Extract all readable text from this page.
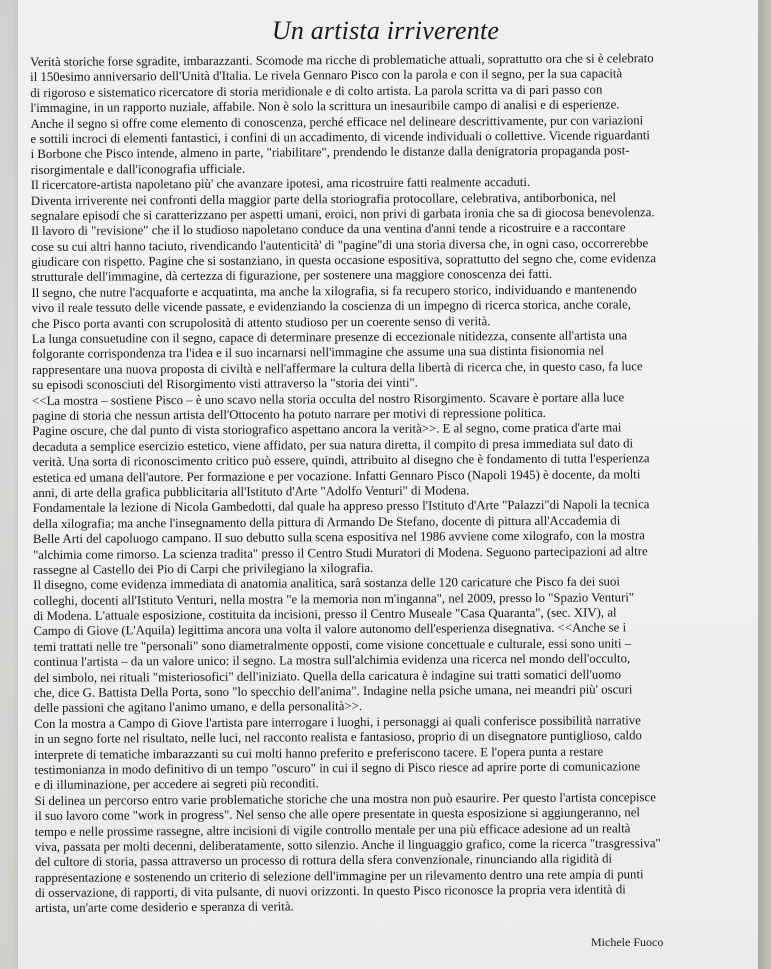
Un artista irriverente
Verità storiche forse sgradite, imbarazzanti. Scomode ma ricche di problematiche attuali, soprattutto ora che si è celebrato
il 150esimo anniversario dell'Unità d'Italia. Le rivela Gennaro Pisco con la parola e con il segno, per la sua capacità
di rigoroso e sistematico ricercatore di storia meridionale e di colto artista. La parola scritta va di pari passo con
l'immagine, in un rapporto nuziale, affabile. Non è solo la scrittura un inesauribile campo di analisi e di esperienze.
Anche il segno si offre come elemento di conoscenza, perché efficace nel delineare descrittivamente, pur con variazioni
e sottili incroci di elementi fantastici, i confini di un accadimento, di vicende individuali o collettive. Vicende riguardanti
i Borbone che Pisco intende, almeno in parte, "riabilitare", prendendo le distanze dalla denigratoria propaganda post-
risorgimentale e dall'iconografia ufficiale.
Il ricercatore-artista napoletano più' che avanzare ipotesi, ama ricostruire fatti realmente accaduti.
Diventa irriverente nei confronti della maggior parte della storiografia protocollare, celebrativa, antiborbonica, nel
segnalare episodi che si caratterizzano per aspetti umani, eroici, non privi di garbata ironia che sa di giocosa benevolenza.
Il lavoro di "revisione" che il lo studioso napoletano conduce da una ventina d'anni tende a ricostruire e a raccontare
cose su cui altri hanno taciuto, rivendicando l'autenticità' di "pagine"di una storia diversa che, in ogni caso, occorrerebbe
giudicare con rispetto. Pagine che si sostanziano, in questa occasione espositiva, soprattutto del segno che, come evidenza
strutturale dell'immagine, dà certezza di figurazione, per sostenere una maggiore conoscenza dei fatti.
Il segno, che nutre l'acquaforte e acquatinta, ma anche la xilografia, si fa recupero storico, individuando e mantenendo
vivo il reale tessuto delle vicende passate, e evidenziando la coscienza di un impegno di ricerca storica, anche corale,
che Pisco porta avanti con scrupolosità di attento studioso per un coerente senso di verità.
La lunga consuetudine con il segno, capace di determinare presenze di eccezionale nitidezza, consente all'artista una
folgorante corrispondenza tra l'idea e il suo incarnarsi nell'immagine che assume una sua distinta fisionomia nel
rappresentare una nuova proposta di civiltà e nell'affermare la cultura della libertà di ricerca che, in questo caso, fa luce
su episodi sconosciuti del Risorgimento visti attraverso la "storia dei vinti".
<<La mostra – sostiene Pisco – è uno scavo nella storia occulta del nostro Risorgimento. Scavare è portare alla luce
pagine di storia che nessun artista dell'Ottocento ha potuto narrare per motivi di repressione politica.
Pagine oscure, che dal punto di vista storiografico aspettano ancora la verità>>. E al segno, come pratica d'arte mai
decaduta a semplice esercizio estetico, viene affidato, per sua natura diretta, il compito di presa immediata sul dato di
verità. Una sorta di riconoscimento critico può essere, quindi, attribuito al disegno che è fondamento di tutta l'esperienza
estetica ed umana dell'autore. Per formazione e per vocazione. Infatti Gennaro Pisco (Napoli 1945) è docente, da molti
anni, di arte della grafica pubblicitaria all'Istituto d'Arte "Adolfo Venturi" di Modena.
Fondamentale la lezione di Nicola Gambedotti, dal quale ha appreso presso l'Istituto d'Arte "Palazzi"di Napoli la tecnica
della xilografia; ma anche l'insegnamento della pittura di Armando De Stefano, docente di pittura all'Accademia di
Belle Arti del capoluogo campano. Il suo debutto sulla scena espositiva nel 1986 avviene come xilografo, con la mostra
"alchimia come rimorso. La scienza tradita" presso il Centro Studi Muratori di Modena. Seguono partecipazioni ad altre
rassegne al Castello dei Pio di Carpi che privilegiano la xilografia.
Il disegno, come evidenza immediata di anatomia analitica, sarà sostanza delle 120 caricature che Pisco fa dei suoi
colleghi, docenti all'Istituto Venturi, nella mostra "e la memoria non m'inganna", nel 2009, presso lo "Spazio Venturi"
di Modena. L'attuale esposizione, costituita da incisioni, presso il Centro Museale "Casa Quaranta", (sec. XIV), al
Campo di Giove (L'Aquila) legittima ancora una volta il valore autonomo dell'esperienza disegnativa. <<Anche se i
temi trattati nelle tre "personali" sono diametralmente opposti, come visione concettuale e culturale, essi sono uniti –
continua l'artista – da un valore unico: il segno. La mostra sull'alchimia evidenza una ricerca nel mondo dell'occulto,
del simbolo, nei rituali "misteriosofici" dell'iniziato. Quella della caricatura è indagine sui tratti somatici dell'uomo
che, dice G. Battista Della Porta, sono "lo specchio dell'anima". Indagine nella psiche umana, nei meandri più' oscuri
delle passioni che agitano l'animo umano, e della personalità>>.
Con la mostra a Campo di Giove l'artista pare interrogare i luoghi, i personaggi ai quali conferisce possibilità narrative
in un segno forte nel risultato, nelle luci, nel racconto realista e fantasioso, proprio di un disegnatore puntiglioso, caldo
interprete di tematiche imbarazzanti su cui molti hanno preferito e preferiscono tacere. E l'opera punta a restare
testimonianza in modo definitivo di un tempo "oscuro" in cui il segno di Pisco riesce ad aprire porte di comunicazione
e di illuminazione, per accedere ai segreti più reconditi.
Si delinea un percorso entro varie problematiche storiche che una mostra non può esaurire. Per questo l'artista concepisce
il suo lavoro come "work in progress". Nel senso che alle opere presentate in questa esposizione si aggiungeranno, nel
tempo e nelle prossime rassegne, altre incisioni di vigile controllo mentale per una più efficace adesione ad un realtà
viva, passata per molti decenni, deliberatamente, sotto silenzio. Anche il linguaggio grafico, come la ricerca "trasgressiva"
del cultore di storia, passa attraverso un processo di rottura della sfera convenzionale, rinunciando alla rigidità di
rappresentazione e sostenendo un criterio di selezione dell'immagine per un rilevamento dentro una rete ampia di punti
di osservazione, di rapporti, di vita pulsante, di nuovi orizzonti. In questo Pisco riconosce la propria vera identità di
artista, un'arte come desiderio e speranza di verità.
Michele Fuoco
